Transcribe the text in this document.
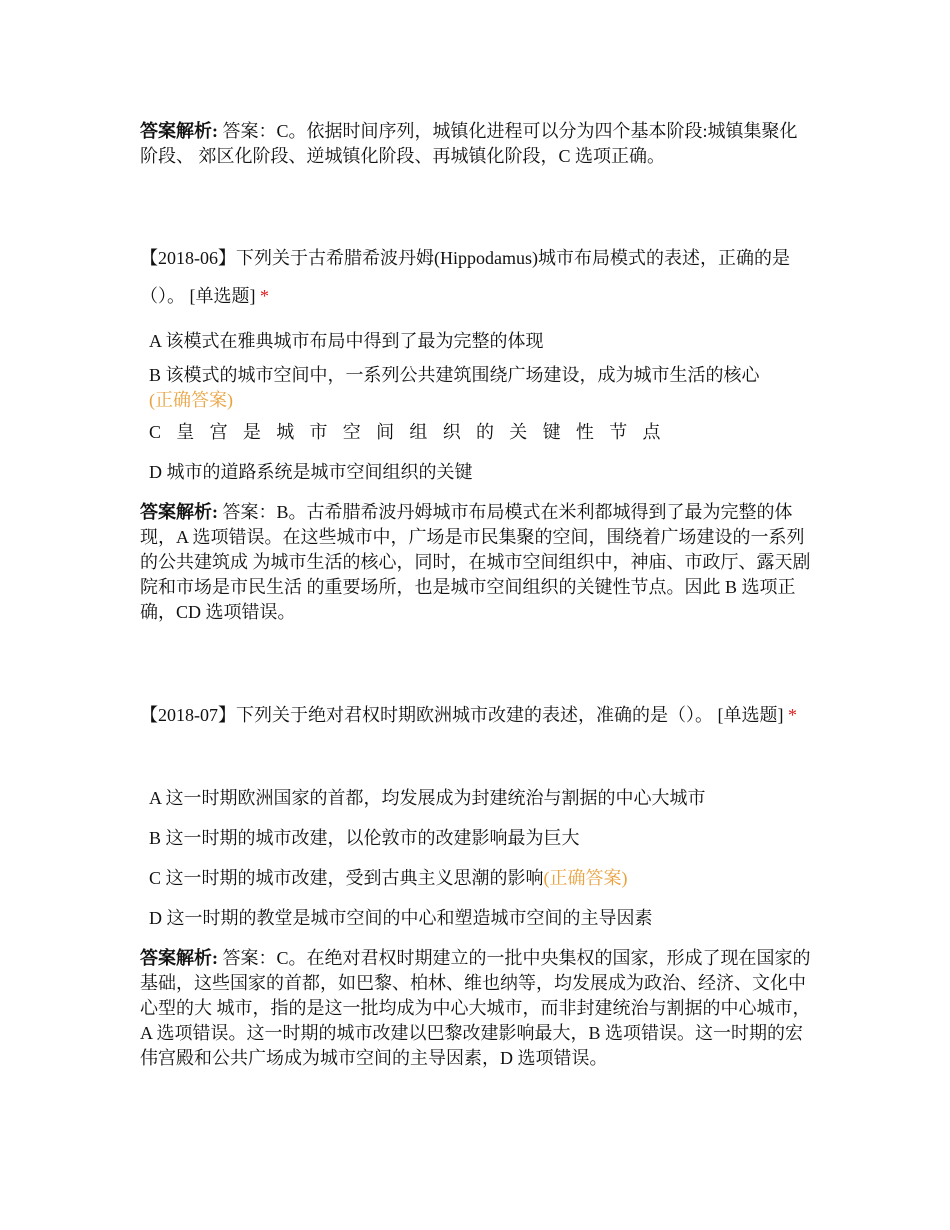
答案解析: 答案：C。依据时间序列，城镇化进程可以分为四个基本阶段:城镇集聚化阶段、 郊区化阶段、逆城镇化阶段、再城镇化阶段，C 选项正确。
【2018-06】下列关于古希腊希波丹姆(Hippodamus)城市布局模式的表述，正确的是（）。 [单选题] *
A 该模式在雅典城市布局中得到了最为完整的体现
B 该模式的城市空间中，一系列公共建筑围绕广场建设，成为城市生活的核心
(正确答案)
C 皇 宫 是 城 市 空 间 组 织 的 关 键 性 节 点
D 城市的道路系统是城市空间组织的关键
答案解析: 答案：B。古希腊希波丹姆城市布局模式在米利都城得到了最为完整的体现，A 选项错误。在这些城市中，广场是市民集聚的空间，围绕着广场建设的一系列的公共建筑成 为城市生活的核心，同时，在城市空间组织中，神庙、市政厅、露天剧院和市场是市民生活 的重要场所，也是城市空间组织的关键性节点。因此 B 选项正确，CD 选项错误。
【2018-07】下列关于绝对君权时期欧洲城市改建的表述，准确的是（）。 [单选题] *
A 这一时期欧洲国家的首都，均发展成为封建统治与割据的中心大城市
B 这一时期的城市改建，以伦敦市的改建影响最为巨大
C 这一时期的城市改建，受到古典主义思潮的影响(正确答案)
D 这一时期的教堂是城市空间的中心和塑造城市空间的主导因素
答案解析: 答案：C。在绝对君权时期建立的一批中央集权的国家，形成了现在国家的基础，这些国家的首都，如巴黎、柏林、维也纳等，均发展成为政治、经济、文化中心型的大 城市，指的是这一批均成为中心大城市，而非封建统治与割据的中心城市，A 选项错误。这一时期的城市改建以巴黎改建影响最大，B 选项错误。这一时期的宏伟宫殿和公共广场成为城市空间的主导因素，D 选项错误。
